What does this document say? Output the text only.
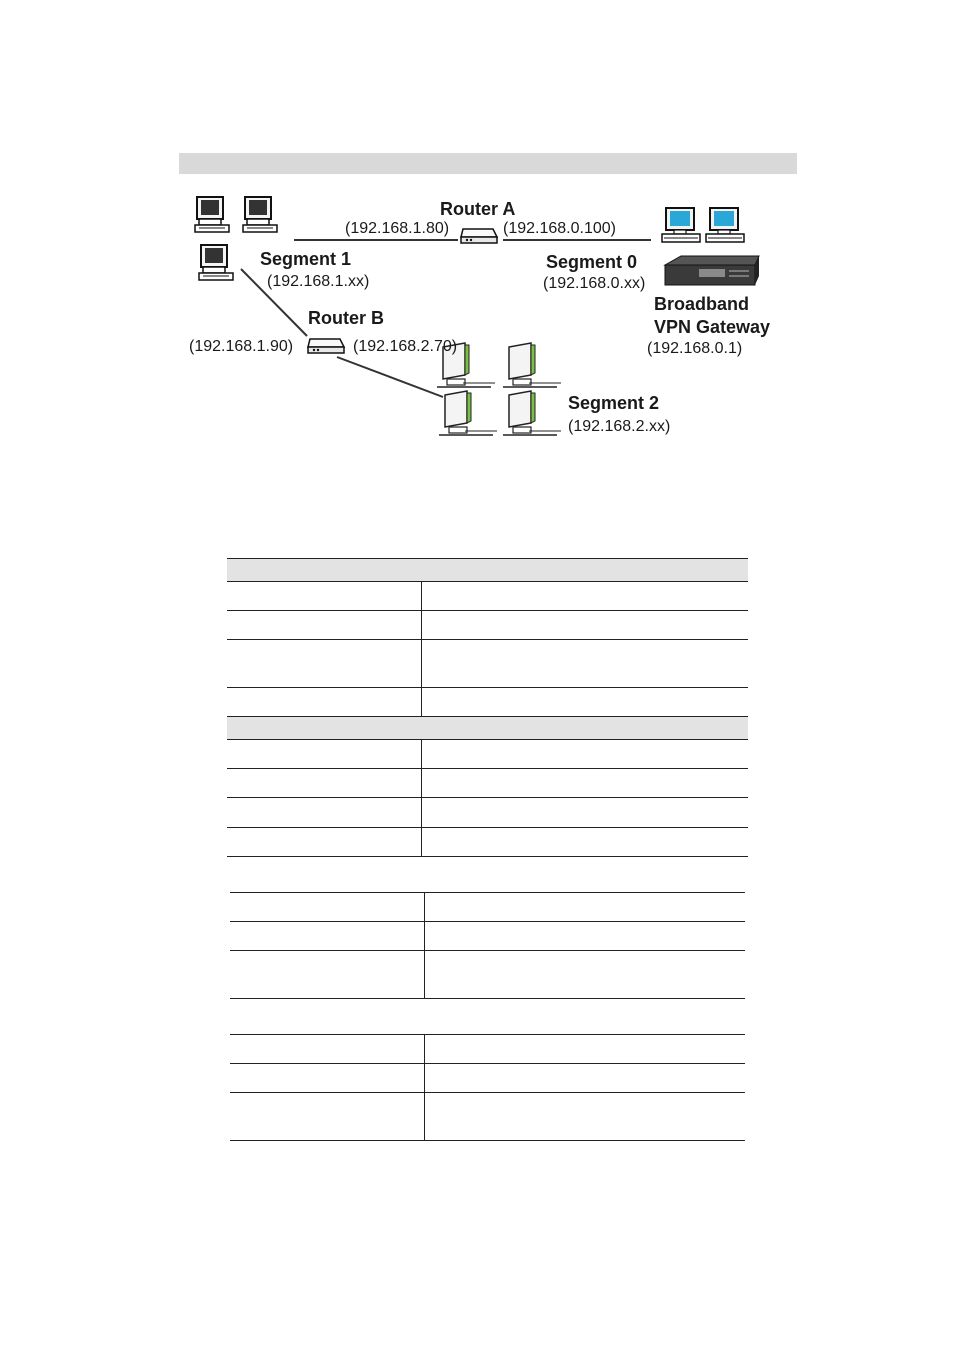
Router A
(192.168.1.80)	(192.168.0.100)
Segment 1
(192.168.1.xx)
Segment 0
(192.168.0.xx)
Broadband
VPN Gateway
(192.168.0.1)
Router B
(192.168.1.90)	(192.168.2.70)
Segment 2
(192.168.2.xx)
